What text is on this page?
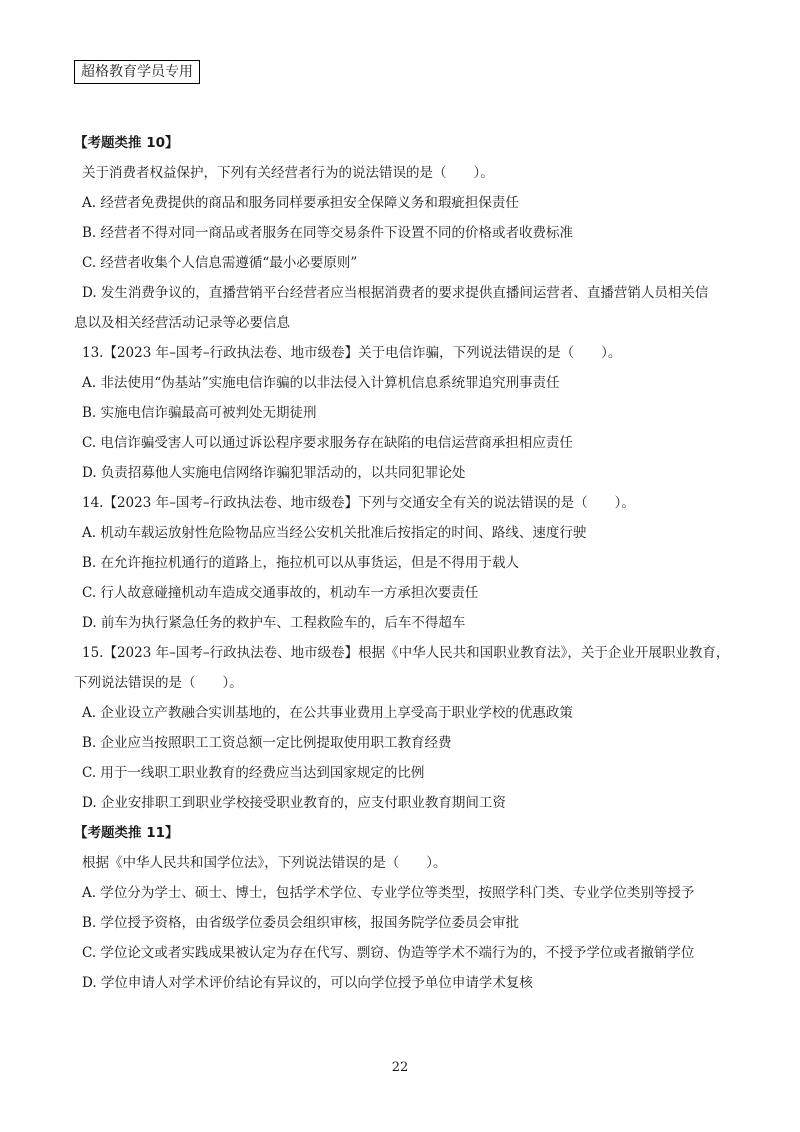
超格教育学员专用
【考题类推 10】
关于消费者权益保护，下列有关经营者行为的说法错误的是（　　）。
A. 经营者免费提供的商品和服务同样要承担安全保障义务和瑕疵担保责任
B. 经营者不得对同一商品或者服务在同等交易条件下设置不同的价格或者收费标准
C. 经营者收集个人信息需遵循“最小必要原则”
D. 发生消费争议的，直播营销平台经营者应当根据消费者的要求提供直播间运营者、直播营销人员相关信
息以及相关经营活动记录等必要信息
13.【2023 年–国考–行政执法卷、地市级卷】关于电信诈骗，下列说法错误的是（　　）。
A. 非法使用“伪基站”实施电信诈骗的以非法侵入计算机信息系统罪追究刑事责任
B. 实施电信诈骗最高可被判处无期徒刑
C. 电信诈骗受害人可以通过诉讼程序要求服务存在缺陷的电信运营商承担相应责任
D. 负责招募他人实施电信网络诈骗犯罪活动的，以共同犯罪论处
14.【2023 年–国考–行政执法卷、地市级卷】下列与交通安全有关的说法错误的是（　　）。
A. 机动车载运放射性危险物品应当经公安机关批准后按指定的时间、路线、速度行驶
B. 在允许拖拉机通行的道路上，拖拉机可以从事货运，但是不得用于载人
C. 行人故意碰撞机动车造成交通事故的，机动车一方承担次要责任
D. 前车为执行紧急任务的救护车、工程救险车的，后车不得超车
15.【2023 年–国考–行政执法卷、地市级卷】根据《中华人民共和国职业教育法》，关于企业开展职业教育，
下列说法错误的是（　　）。
A. 企业设立产教融合实训基地的，在公共事业费用上享受高于职业学校的优惠政策
B. 企业应当按照职工工资总额一定比例提取使用职工教育经费
C. 用于一线职工职业教育的经费应当达到国家规定的比例
D. 企业安排职工到职业学校接受职业教育的，应支付职业教育期间工资
【考题类推 11】
根据《中华人民共和国学位法》，下列说法错误的是（　　）。
A. 学位分为学士、硕士、博士，包括学术学位、专业学位等类型，按照学科门类、专业学位类别等授予
B. 学位授予资格，由省级学位委员会组织审核，报国务院学位委员会审批
C. 学位论文或者实践成果被认定为存在代写、剽窃、伪造等学术不端行为的，不授予学位或者撤销学位
D. 学位申请人对学术评价结论有异议的，可以向学位授予单位申请学术复核
22
